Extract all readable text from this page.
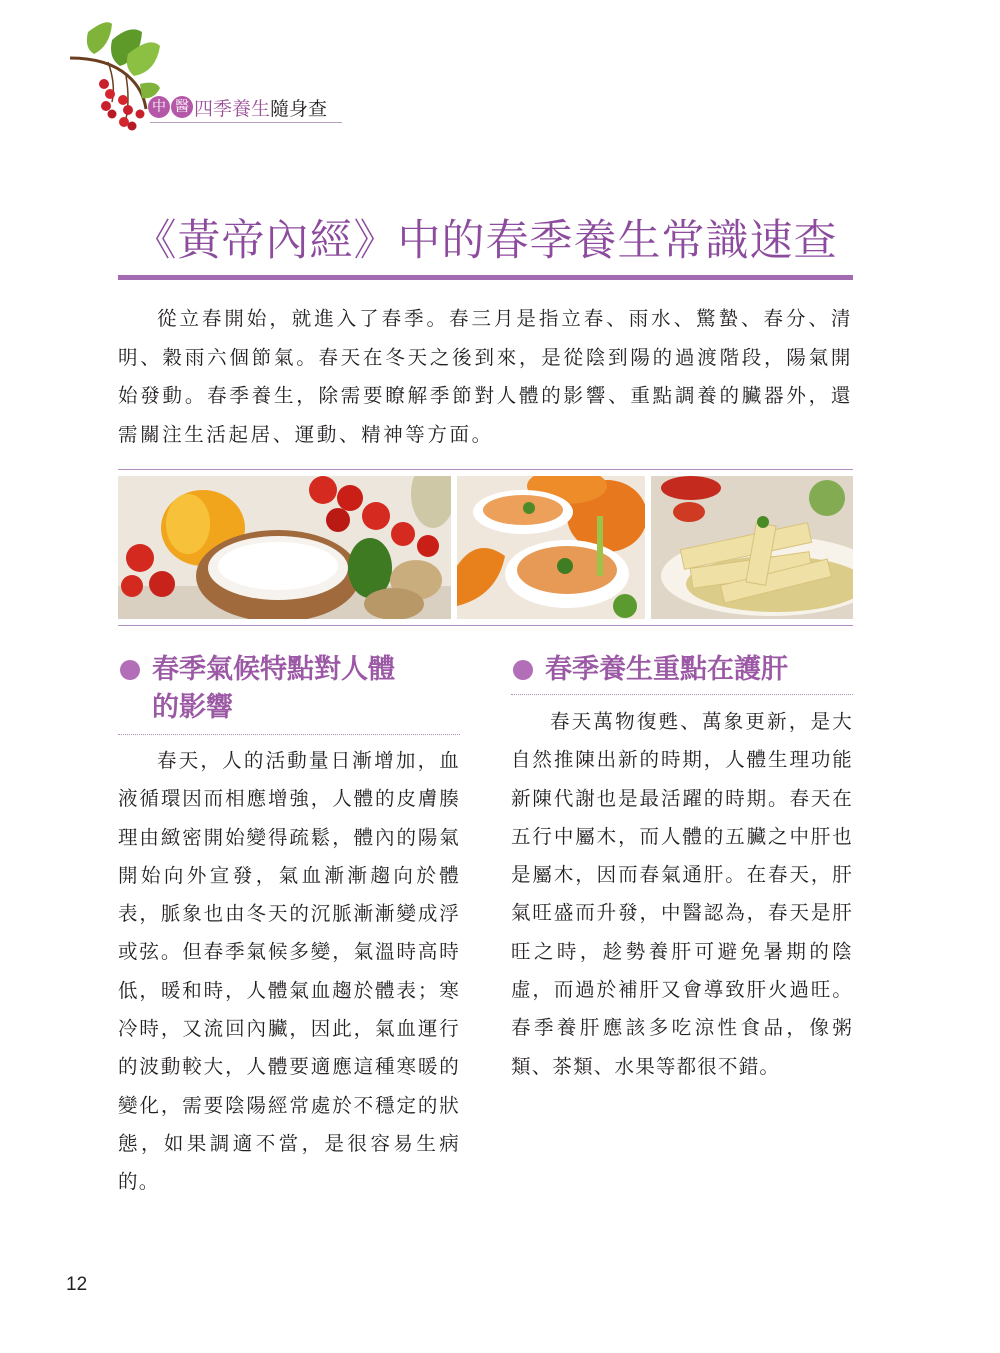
中 醫 四季養生 隨身查
《黃帝內經》中的春季養生常識速查

從立春開始，就進入了春季。春三月是指立春、雨水、驚蟄、春分、清明、穀雨六個節氣。春天在冬天之後到來，是從陰到陽的過渡階段，陽氣開始發動。春季養生，除需要瞭解季節對人體的影響、重點調養的臟器外，還需關注生活起居、運動、精神等方面。

春季氣候特點對人體
的影響

春天，人的活動量日漸增加，血液循環因而相應增強，人體的皮膚腠理由緻密開始變得疏鬆，體內的陽氣開始向外宣發，氣血漸漸趨向於體表，脈象也由冬天的沉脈漸漸變成浮或弦。但春季氣候多變，氣溫時高時低，暖和時，人體氣血趨於體表；寒冷時，又流回內臟，因此，氣血運行的波動較大，人體要適應這種寒暖的變化，需要陰陽經常處於不穩定的狀態，如果調適不當，是很容易生病的。

春季養生重點在護肝

春天萬物復甦、萬象更新，是大自然推陳出新的時期，人體生理功能新陳代謝也是最活躍的時期。春天在五行中屬木，而人體的五臟之中肝也是屬木，因而春氣通肝。在春天，肝氣旺盛而升發，中醫認為，春天是肝旺之時，趁勢養肝可避免暑期的陰虛，而過於補肝又會導致肝火過旺。春季養肝應該多吃涼性食品，像粥類、茶類、水果等都很不錯。

12
